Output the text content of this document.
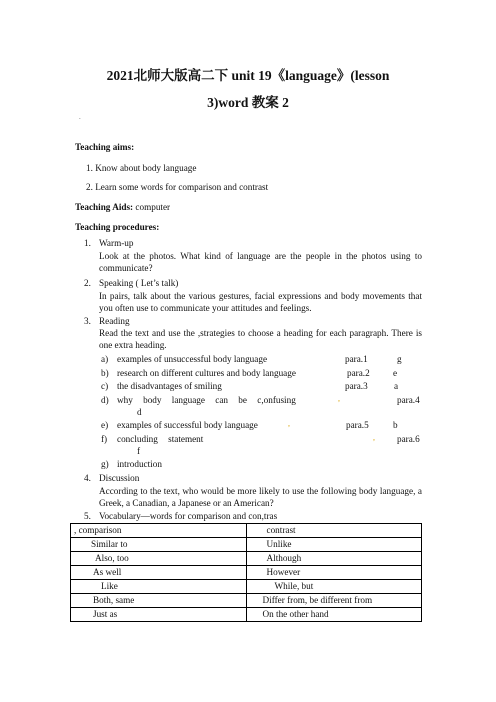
2021北师大版高二下 unit 19《language》(lesson
3)word 教案 2
.
Teaching aims:
1. Know about body language
2. Learn some words for comparison and contrast
Teaching Aids: computer
Teaching procedures:
1. Warm-up
Look at the photos. What kind of language are the people in the photos using to communicate?
2. Speaking ( Let’s talk)
In pairs, talk about the various gestures, facial expressions and body movements that you often use to communicate your attitudes and feelings.
3. Reading
Read the text and use the ,strategies to choose a heading for each paragraph. There is one extra heading.
a) examples of unsuccessful body language	para.1	g
b) research on different cultures and body language	para.2	e
c) the disadvantages of smiling	para.3	a
d) why body language can be c,onfusing	,	para.4
d
e) examples of successful body language	,	para.5	b
f) concluding statement	, para.6
f
g) introduction
4. Discussion
According to the text, who would be more likely to use the following body language, a Greek, a Canadian, a Japanese or an American?
5. Vocabulary—words for comparison and con,tras
, comparison	contrast
Similar to	Unlike
Also, too	Although
As well	However
Like	While, but
Both, same	Differ from, be different from
Just as	On the other hand
